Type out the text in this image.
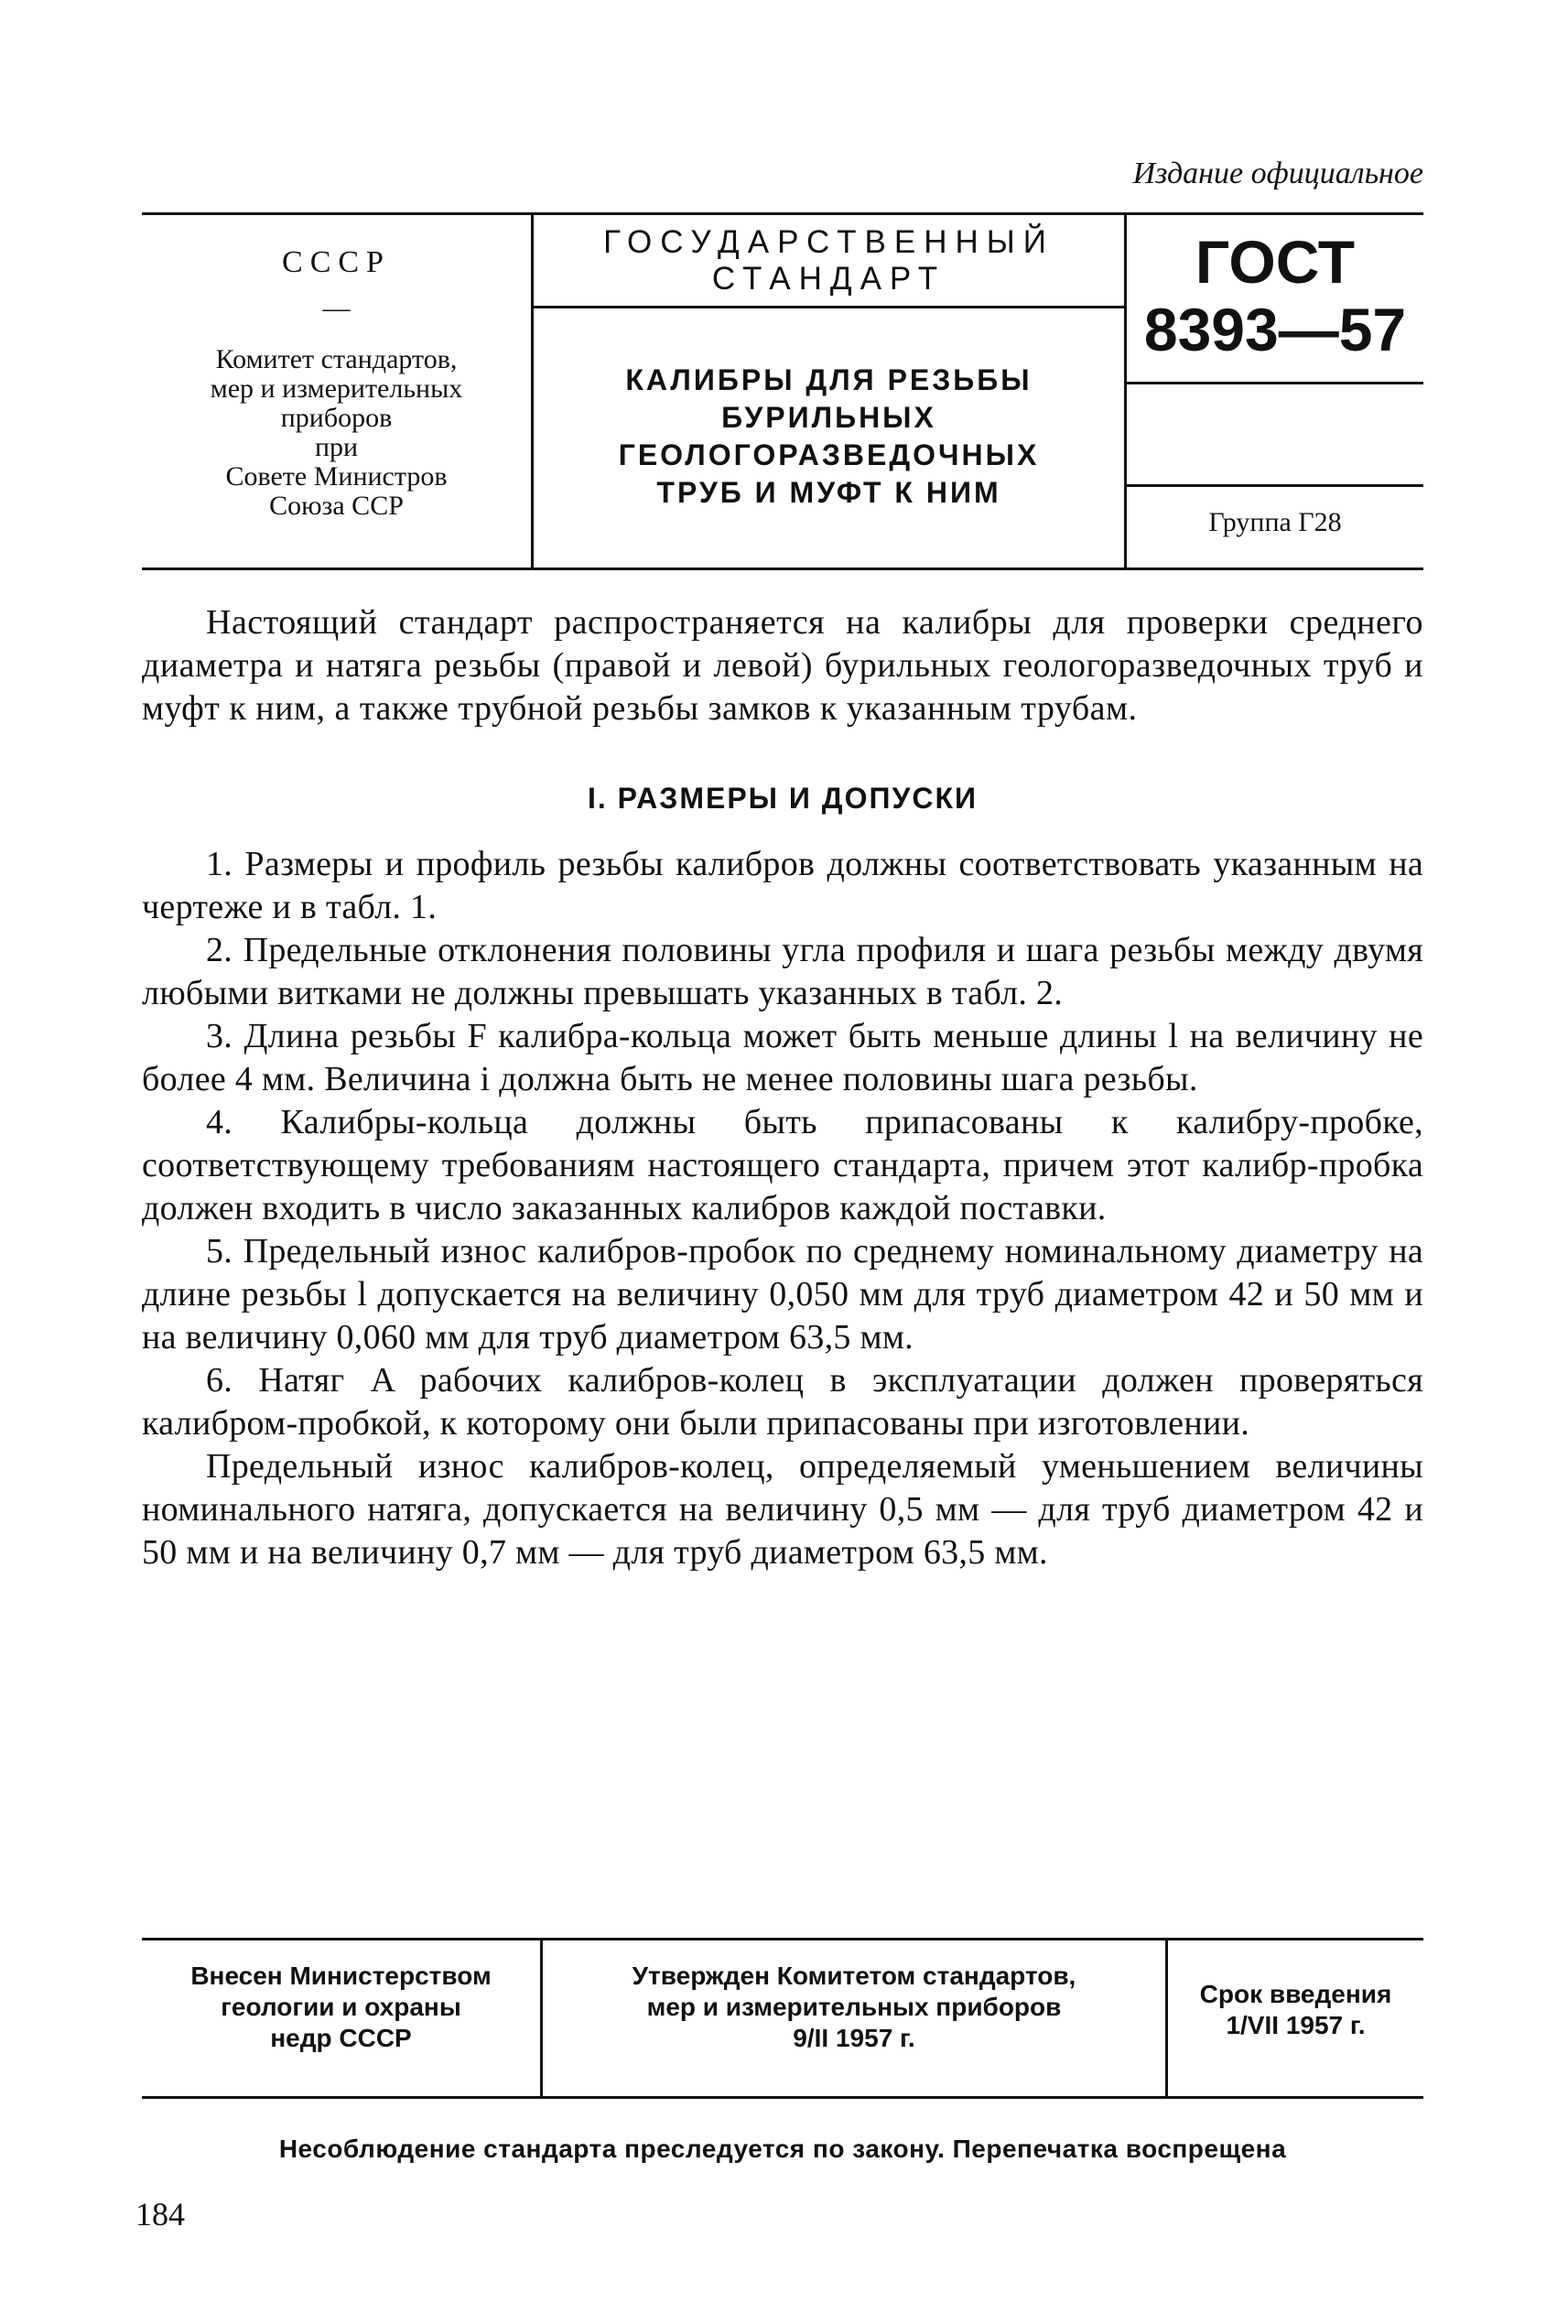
Издание официальное
СССР
—
Комитет стандартов,
мер и измерительных
приборов
при
Совете Министров
Союза ССР
ГОСУДАРСТВЕННЫЙ
СТАНДАРТ
КАЛИБРЫ ДЛЯ РЕЗЬБЫ
БУРИЛЬНЫХ
ГЕОЛОГОРАЗВЕДОЧНЫХ
ТРУБ И МУФТ К НИМ
ГОСТ
8393—57
Группа Г28

Настоящий стандарт распространяется на калибры для проверки среднего диаметра и натяга резьбы (правой и левой) бурильных геологоразведочных труб и муфт к ним, а также трубной резьбы замков к указанным трубам.

I. РАЗМЕРЫ И ДОПУСКИ

1. Размеры и профиль резьбы калибров должны соответствовать указанным на чертеже и в табл. 1.

2. Предельные отклонения половины угла профиля и шага резьбы между двумя любыми витками не должны превышать указанных в табл. 2.

3. Длина резьбы F калибра-кольца может быть меньше длины l на величину не более 4 мм. Величина i должна быть не менее половины шага резьбы.

4. Калибры-кольца должны быть припасованы к калибру-пробке, соответствующему требованиям настоящего стандарта, причем этот калибр-пробка должен входить в число заказанных калибров каждой поставки.

5. Предельный износ калибров-пробок по среднему номинальному диаметру на длине резьбы l допускается на величину 0,050 мм для труб диаметром 42 и 50 мм и на величину 0,060 мм для труб диаметром 63,5 мм.

6. Натяг A рабочих калибров-колец в эксплуатации должен проверяться калибром-пробкой, к которому они были припасованы при изготовлении.

Предельный износ калибров-колец, определяемый уменьшением величины номинального натяга, допускается на величину 0,5 мм — для труб диаметром 42 и 50 мм и на величину 0,7 мм — для труб диаметром 63,5 мм.

Внесен Министерством
геологии и охраны
недр СССР
Утвержден Комитетом стандартов,
мер и измерительных приборов
9/II 1957 г.
Срок введения
1/VII 1957 г.
Несоблюдение стандарта преследуется по закону. Перепечатка воспрещена
184
